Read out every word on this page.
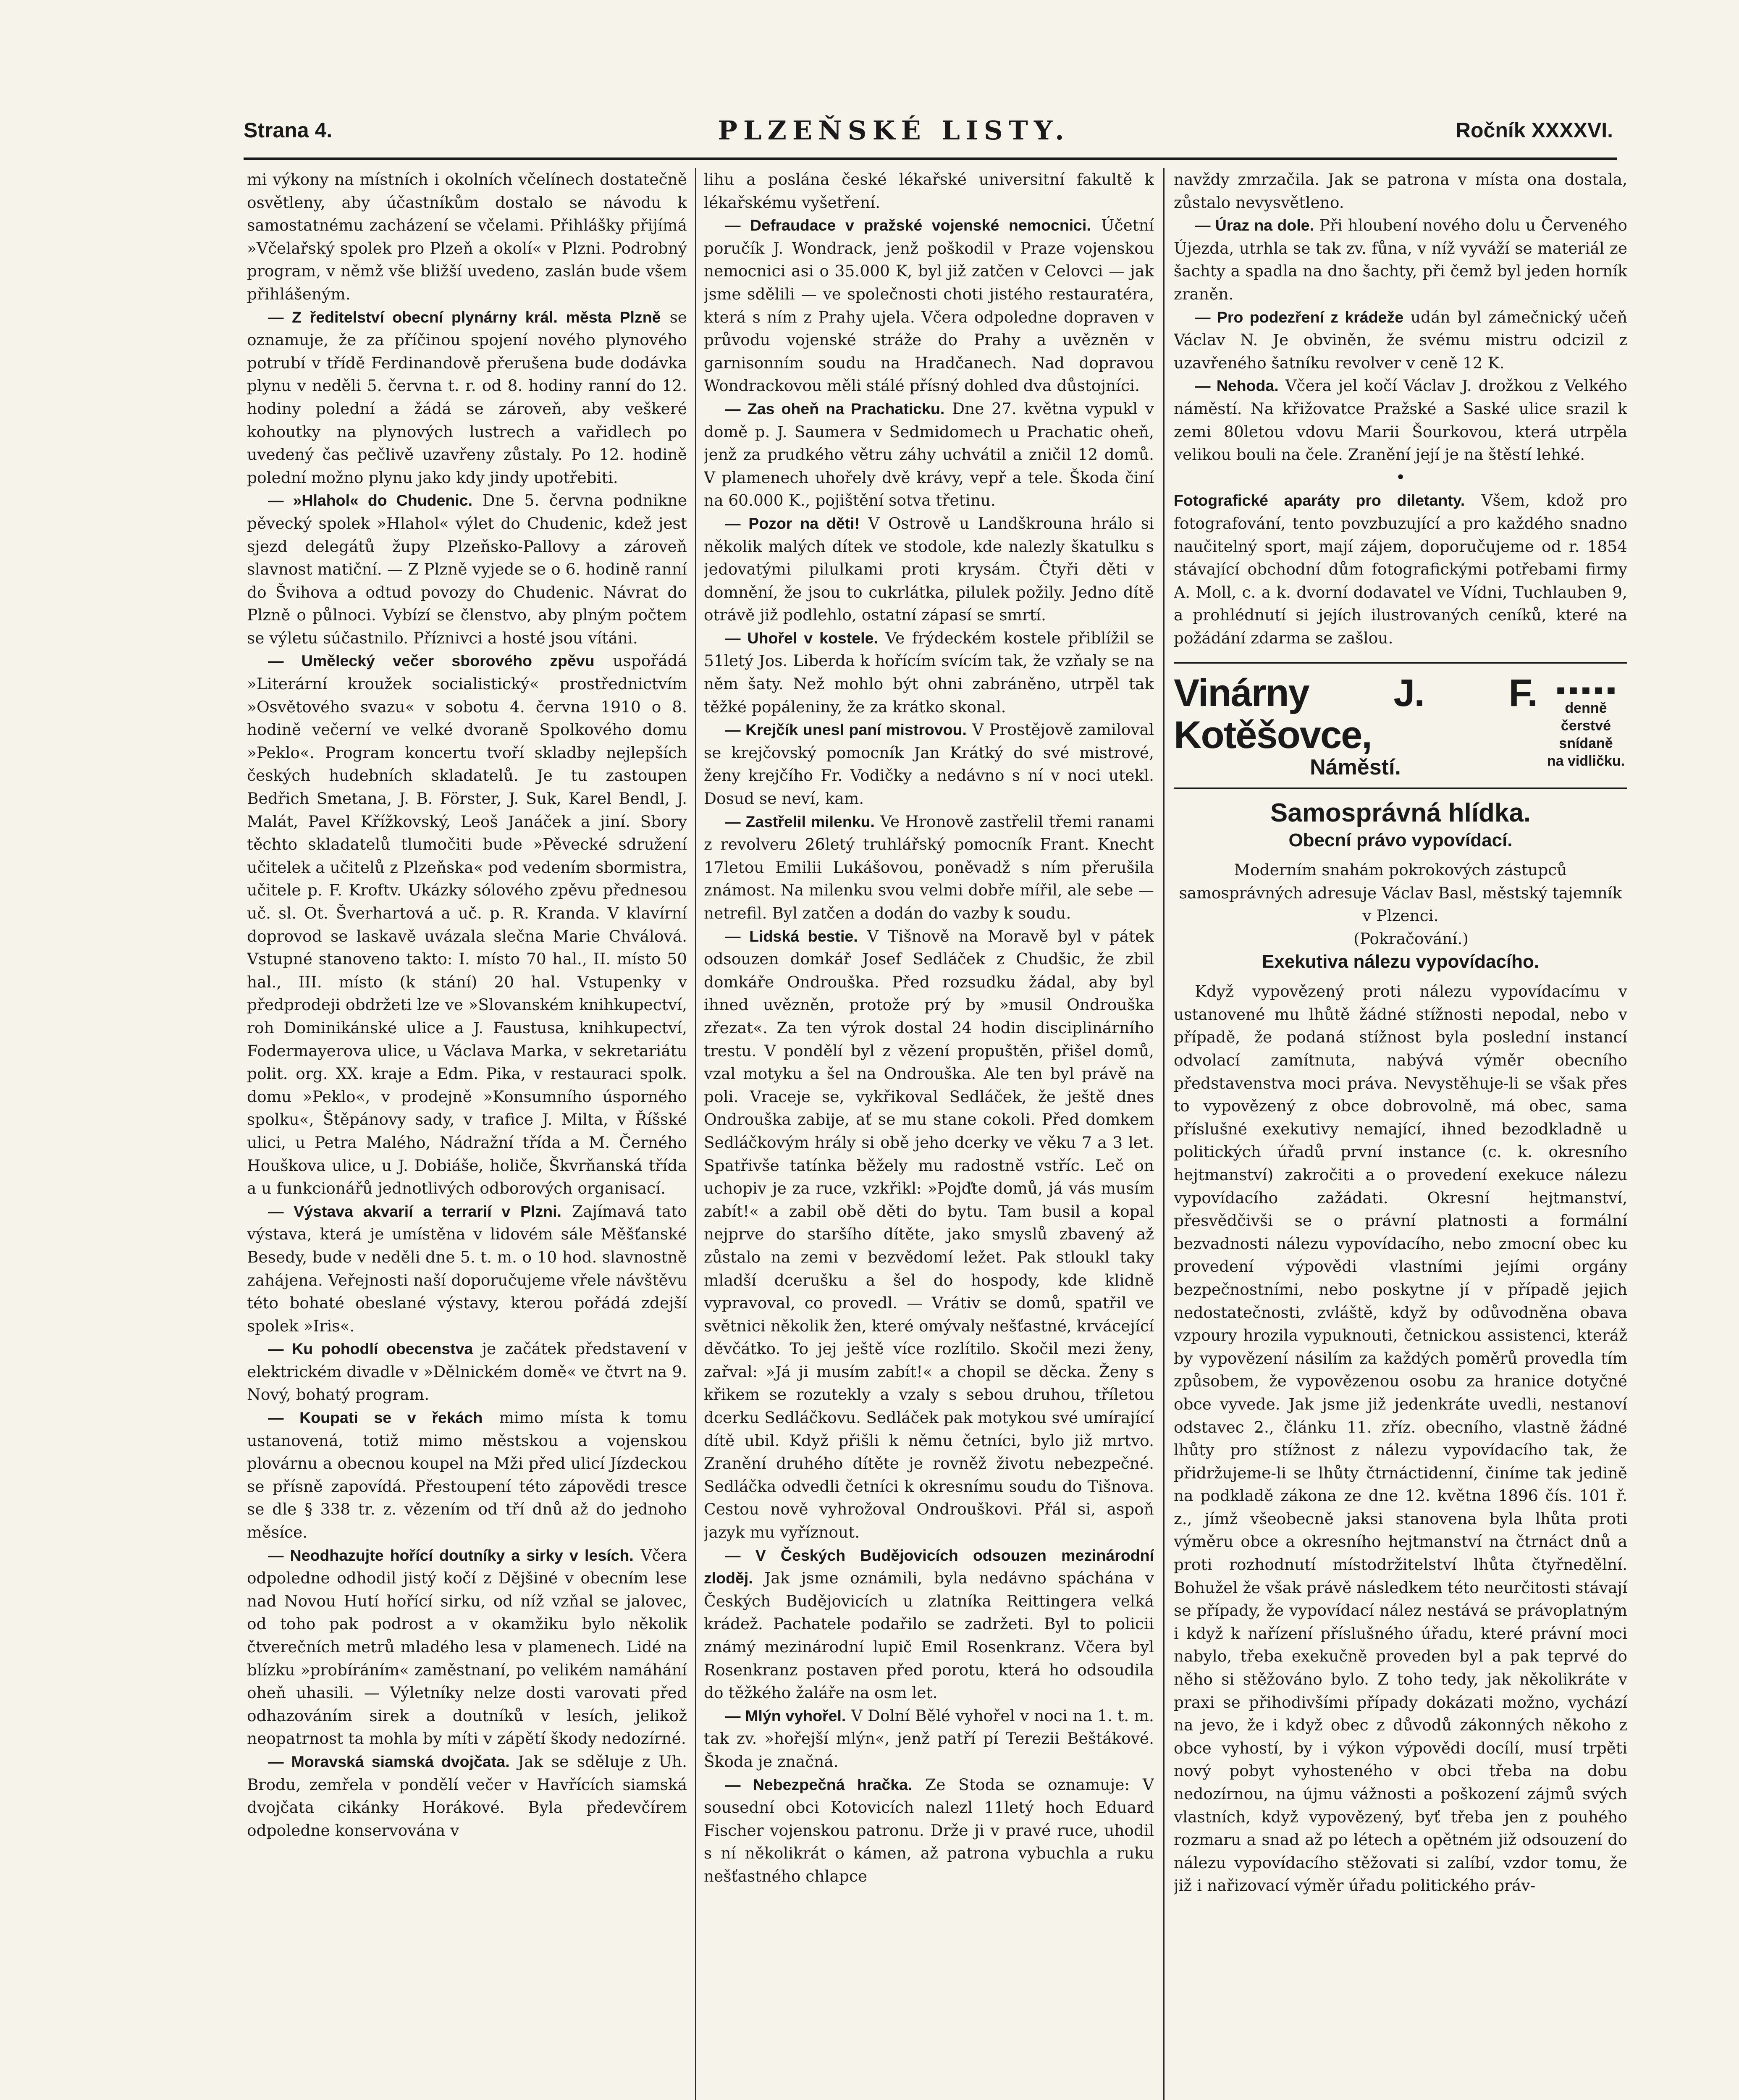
Strana 4.	PLZEŇSKÉ LISTY.	Ročník XXXXVI.

mi výkony na místních i okolních včelínech dostatečně osvětleny, aby účastníkům dostalo se návodu k samostatnému zacházení se včelami. Přihlášky přijímá »Včelařský spolek pro Plzeň a okolí« v Plzni. Podrobný program, v němž vše bližší uvedeno, zaslán bude všem přihlášeným.

— Z ředitelství obecní plynárny král. města Plzně se oznamuje, že za příčinou spojení nového plynového potrubí v třídě Ferdinandově přerušena bude dodávka plynu v neděli 5. června t. r. od 8. hodiny ranní do 12. hodiny polední a žádá se zároveň, aby veškeré kohoutky na plynových lustrech a vařidlech po uvedený čas pečlivě uzavřeny zůstaly. Po 12. hodině polední možno plynu jako kdy jindy upotřebiti.

— »Hlahol« do Chudenic. Dne 5. června podnikne pěvecký spolek »Hlahol« výlet do Chudenic, kdež jest sjezd delegátů župy Plzeňsko-Pallovy a zároveň slavnost matiční. — Z Plzně vyjede se o 6. hodině ranní do Švihova a odtud povozy do Chudenic. Návrat do Plzně o půlnoci. Vybízí se členstvo, aby plným počtem se výletu súčastnilo. Příznivci a hosté jsou vítáni.

— Umělecký večer sborového zpěvu uspořádá »Literární kroužek socialistický« prostřednictvím »Osvětového svazu« v sobotu 4. června 1910 o 8. hodině večerní ve velké dvoraně Spolkového domu »Peklo«. Program koncertu tvoří skladby nejlepších českých hudebních skladatelů. Je tu zastoupen Bedřich Smetana, J. B. Förster, J. Suk, Karel Bendl, J. Malát, Pavel Křížkovský, Leoš Janáček a jiní. Sbory těchto skladatelů tlumočiti bude »Pěvecké sdružení učitelek a učitelů z Plzeňska« pod vedením sbormistra, učitele p. F. Kroftv. Ukázky sólového zpěvu přednesou uč. sl. Ot. Šverhartová a uč. p. R. Kranda. V klavírní doprovod se laskavě uvázala slečna Marie Chválová. Vstupné stanoveno takto: I. místo 70 hal., II. místo 50 hal., III. místo (k stání) 20 hal. Vstupenky v předprodeji obdržeti lze ve »Slovanském knihkupectví, roh Dominikánské ulice a J. Faustusa, knihkupectví, Fodermayerova ulice, u Václava Marka, v sekretariátu polit. org. XX. kraje a Edm. Pika, v restauraci spolk. domu »Peklo«, v prodejně »Konsumního úsporného spolku«, Štěpánovy sady, v trafice J. Milta, v Říšské ulici, u Petra Malého, Nádražní třída a M. Černého Houškova ulice, u J. Dobiáše, holiče, Škvrňanská třída a u funkcionářů jednotlivých odborových organisací.

— Výstava akvarií a terrarií v Plzni. Zajímavá tato výstava, která je umístěna v lidovém sále Měšťanské Besedy, bude v neděli dne 5. t. m. o 10 hod. slavnostně zahájena. Veřejnosti naší doporučujeme vřele návštěvu této bohaté obeslané výstavy, kterou pořádá zdejší spolek »Iris«.

— Ku pohodlí obecenstva je začátek představení v elektrickém divadle v »Dělnickém domě« ve čtvrt na 9. Nový, bohatý program.

— Koupati se v řekách mimo místa k tomu ustanovená, totiž mimo městskou a vojenskou plovárnu a obecnou koupel na Mži před ulicí Jízdeckou se přísně zapovídá. Přestoupení této zápovědi tresce se dle § 338 tr. z. vězením od tří dnů až do jednoho měsíce.

— Neodhazujte hořící doutníky a sirky v lesích. Včera odpoledne odhodil jistý kočí z Dějšiné v obecním lese nad Novou Hutí hořící sirku, od níž vzňal se jalovec, od toho pak podrost a v okamžiku bylo několik čtverečních metrů mladého lesa v plamenech. Lidé na blízku »probíráním« zaměstnaní, po velikém namáhání oheň uhasili. — Výletníky nelze dosti varovati před odhazováním sirek a doutníků v lesích, jelikož neopatrnost ta mohla by míti v zápětí škody nedozírné.

— Moravská siamská dvojčata. Jak se sděluje z Uh. Brodu, zemřela v pondělí večer v Havřících siamská dvojčata cikánky Horákové. Byla předevčírem odpoledne konservována v

lihu a poslána české lékařské universitní fakultě k lékařskému vyšetření.

— Defraudace v pražské vojenské nemocnici. Účetní poručík J. Wondrack, jenž poškodil v Praze vojenskou nemocnici asi o 35.000 K, byl již zatčen v Celovci — jak jsme sdělili — ve společnosti choti jistého restauratéra, která s ním z Prahy ujela. Včera odpoledne dopraven v průvodu vojenské stráže do Prahy a uvězněn v garnisonním soudu na Hradčanech. Nad dopravou Wondrackovou měli stálé přísný dohled dva důstojníci.

— Zas oheň na Prachaticku. Dne 27. května vypukl v domě p. J. Saumera v Sedmidomech u Prachatic oheň, jenž za prudkého větru záhy uchvátil a zničil 12 domů. V plamenech uhořely dvě krávy, vepř a tele. Škoda činí na 60.000 K., pojištění sotva třetinu.

— Pozor na děti! V Ostrově u Landškrouna hrálo si několik malých dítek ve stodole, kde nalezly škatulku s jedovatými pilulkami proti krysám. Čtyři děti v domnění, že jsou to cukrlátka, pilulek požily. Jedno dítě otrávě již podlehlo, ostatní zápasí se smrtí.

— Uhořel v kostele. Ve frýdeckém kostele přiblížil se 51letý Jos. Liberda k hořícím svícím tak, že vzňaly se na něm šaty. Než mohlo být ohni zabráněno, utrpěl tak těžké popáleniny, že za krátko skonal.

— Krejčík unesl paní mistrovou. V Prostějově zamiloval se krejčovský pomocník Jan Krátký do své mistrové, ženy krejčího Fr. Vodičky a nedávno s ní v noci utekl. Dosud se neví, kam.

— Zastřelil milenku. Ve Hronově zastřelil třemi ranami z revolveru 26letý truhlářský pomocník Frant. Knecht 17letou Emilii Lukášovou, poněvadž s ním přerušila známost. Na milenku svou velmi dobře mířil, ale sebe — netrefil. Byl zatčen a dodán do vazby k soudu.

— Lidská bestie. V Tišnově na Moravě byl v pátek odsouzen domkář Josef Sedláček z Chudšic, že zbil domkáře Ondrouška. Před rozsudku žádal, aby byl ihned uvězněn, protože prý by »musil Ondrouška zřezat«. Za ten výrok dostal 24 hodin disciplinárního trestu. V pondělí byl z vězení propuštěn, přišel domů, vzal motyku a šel na Ondrouška. Ale ten byl právě na poli. Vraceje se, vykřikoval Sedláček, že ještě dnes Ondrouška zabije, ať se mu stane cokoli. Před domkem Sedláčkovým hrály si obě jeho dcerky ve věku 7 a 3 let. Spatřivše tatínka běžely mu radostně vstříc. Leč on uchopiv je za ruce, vzkřikl: »Pojďte domů, já vás musím zabít!« a zabil obě děti do bytu. Tam busil a kopal nejprve do staršího dítěte, jako smyslů zbavený až zůstalo na zemi v bezvědomí ležet. Pak stloukl taky mladší dcerušku a šel do hospody, kde klidně vypravoval, co provedl. — Vrátiv se domů, spatřil ve světnici několik žen, které omývaly nešťastné, krvácející děvčátko. To jej ještě více rozlítilo. Skočil mezi ženy, zařval: »Já ji musím zabít!« a chopil se děcka. Ženy s křikem se rozutekly a vzaly s sebou druhou, tříletou dcerku Sedláčkovu. Sedláček pak motykou své umírající dítě ubil. Když přišli k němu četníci, bylo již mrtvo. Zranění druhého dítěte je rovněž životu nebezpečné. Sedláčka odvedli četníci k okresnímu soudu do Tišnova. Cestou nově vyhrožoval Ondrouškovi. Přál si, aspoň jazyk mu vyříznout.

— V Českých Budějovicích odsouzen mezinárodní zloděj. Jak jsme oznámili, byla nedávno spáchána v Českých Budějovicích u zlatníka Reittingera velká krádež. Pachatele podařilo se zadržeti. Byl to policii známý mezinárodní lupič Emil Rosenkranz. Včera byl Rosenkranz postaven před porotu, která ho odsoudila do těžkého žaláře na osm let.

— Mlýn vyhořel. V Dolní Bělé vyhořel v noci na 1. t. m. tak zv. »hořejší mlýn«, jenž patří pí Terezii Beštákové. Škoda je značná.

— Nebezpečná hračka. Ze Stoda se oznamuje: V sousední obci Kotovicích nalezl 11letý hoch Eduard Fischer vojenskou patronu. Drže ji v pravé ruce, uhodil s ní několikrát o kámen, až patrona vybuchla a ruku nešťastného chlapce

navždy zmrzačila. Jak se patrona v místa ona dostala, zůstalo nevysvětleno.

— Úraz na dole. Při hloubení nového dolu u Červeného Újezda, utrhla se tak zv. fůna, v níž vyváží se materiál ze šachty a spadla na dno šachty, při čemž byl jeden horník zraněn.

— Pro podezření z krádeže udán byl zámečnický učeň Václav N. Je obviněn, že svému mistru odcizil z uzavřeného šatníku revolver v ceně 12 K.

— Nehoda. Včera jel kočí Václav J. drožkou z Velkého náměstí. Na křižovatce Pražské a Saské ulice srazil k zemi 80letou vdovu Marii Šourkovou, která utrpěla velikou bouli na čele. Zranění její je na štěstí lehké.

•

Fotografické aparáty pro diletanty. Všem, kdož pro fotografování, tento povzbuzující a pro každého snadno naučitelný sport, mají zájem, doporučujeme od r. 1854 stávající obchodní dům fotografickými potřebami firmy A. Moll, c. a k. dvorní dodavatel ve Vídni, Tuchlauben 9, a prohlédnutí si jejích ilustrovaných ceníků, které na požádání zdarma se zašlou.

Vinárny J. F. Kotěšovce,
Náměstí.
■ ■ ■ ■ ■
denně čerstvé
snídaně
na vidličku.
Samosprávná hlídka.
Obecní právo vypovídací.

Moderním snahám pokrokových zástupců samosprávných adresuje Václav Basl, městský tajemník v Plzenci.

(Pokračování.)

Exekutiva nálezu vypovídacího.

Když vypovězený proti nálezu vypovídacímu v ustanovené mu lhůtě žádné stížnosti nepodal, nebo v případě, že podaná stížnost byla poslední instancí odvolací zamítnuta, nabývá výměr obecního představenstva moci práva. Nevystěhuje-li se však přes to vypovězený z obce dobrovolně, má obec, sama příslušné exekutivy nemající, ihned bezodkladně u politických úřadů první instance (c. k. okresního hejtmanství) zakročiti a o provedení exekuce nálezu vypovídacího zažádati. Okresní hejtmanství, přesvědčivši se o právní platnosti a formální bezvadnosti nálezu vypovídacího, nebo zmocní obec ku provedení výpovědi vlastními jejími orgány bezpečnostními, nebo poskytne jí v případě jejich nedostatečnosti, zvláště, když by odůvodněna obava vzpoury hrozila vypuknouti, četnickou assistenci, kteráž by vypovězení násilím za každých poměrů provedla tím způsobem, že vypovězenou osobu za hranice dotyčné obce vyvede. Jak jsme již jedenkráte uvedli, nestanoví odstavec 2., článku 11. zříz. obecního, vlastně žádné lhůty pro stížnost z nálezu vypovídacího tak, že přidržujeme-li se lhůty čtrnáctidenní, činíme tak jedině na podkladě zákona ze dne 12. května 1896 čís. 101 ř. z., jímž všeobecně jaksi stanovena byla lhůta proti výměru obce a okresního hejtmanství na čtrnáct dnů a proti rozhodnutí místodržitelství lhůta čtyřnedělní. Bohužel že však právě následkem této neurčitosti stávají se případy, že vypovídací nález nestává se právoplatným i když k nařízení příslušného úřadu, které právní moci nabylo, třeba exekučně proveden byl a pak teprvé do něho si stěžováno bylo. Z toho tedy, jak několikráte v praxi se přihodivšími případy dokázati možno, vychází na jevo, že i když obec z důvodů zákonných někoho z obce vyhostí, by i výkon výpovědi docílí, musí trpěti nový pobyt vyhosteného v obci třeba na dobu nedozírnou, na újmu vážnosti a poškození zájmů svých vlastních, když vypovězený, byť třeba jen z pouhého rozmaru a snad až po létech a opětném již odsouzení do nálezu vypovídacího stěžovati si zalíbí, vzdor tomu, že již i nařizovací výměr úřadu politického práv-
